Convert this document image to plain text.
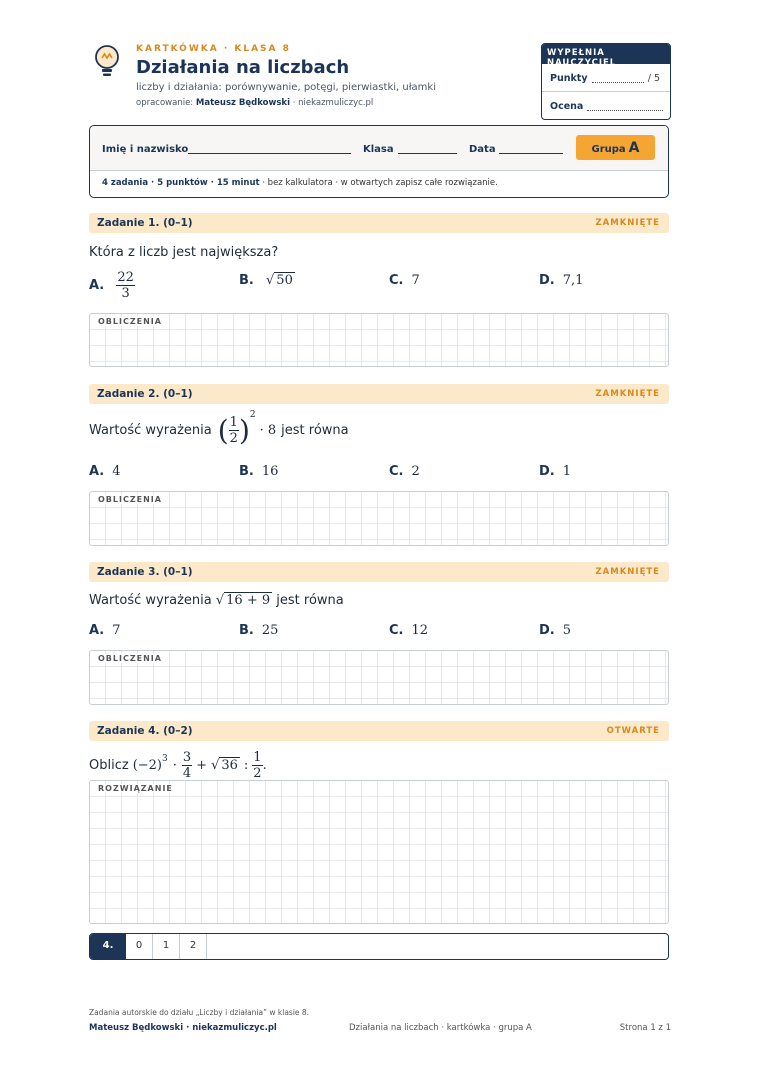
KARTKÓWKA · KLASA 8
Działania na liczbach
liczby i działania: porównywanie, potęgi, pierwiastki, ułamki
opracowanie: Mateusz Będkowski · niekazmuliczyc.pl
WYPEŁNIA NAUCZYCIEL
Punkty	/ 5
Ocena
Imię i nazwisko	Klasa	Data	Grupa A
4 zadania · 5 punktów · 15 minut · bez kalkulatora · w otwartych zapisz całe rozwiązanie.
Zadanie 1. (0–1)	ZAMKNIĘTE
Która z liczb jest największa?
A. $\frac{22}{3}$	B. √ 50	C. 7	D. 7,1
OBLICZENIA
Zadanie 2. (0–1)	ZAMKNIĘTE
Wartość wyrażenia ( $\frac{1}{2}$ ) 2
· 8 jest równa
A. 4	B. 16	C. 2	D. 1
OBLICZENIA
Zadanie 3. (0–1)	ZAMKNIĘTE
Wartość wyrażenia √ 16 + 9 jest równa
A. 7	B. 25	C. 12	D. 5
OBLICZENIA
Zadanie 4. (0–2)	OTWARTE
Oblicz (−2) $3 \cdot \frac{3}{4}$ + √ 36 : $\frac{1}{2}$ .
ROZWIĄZANIE
4.	0	1	2
Zadania autorskie do działu „Liczby i działania” w klasie 8.
Mateusz Będkowski · niekazmuliczyc.pl	Działania na liczbach · kartkówka · grupa A	Strona 1 z 1
